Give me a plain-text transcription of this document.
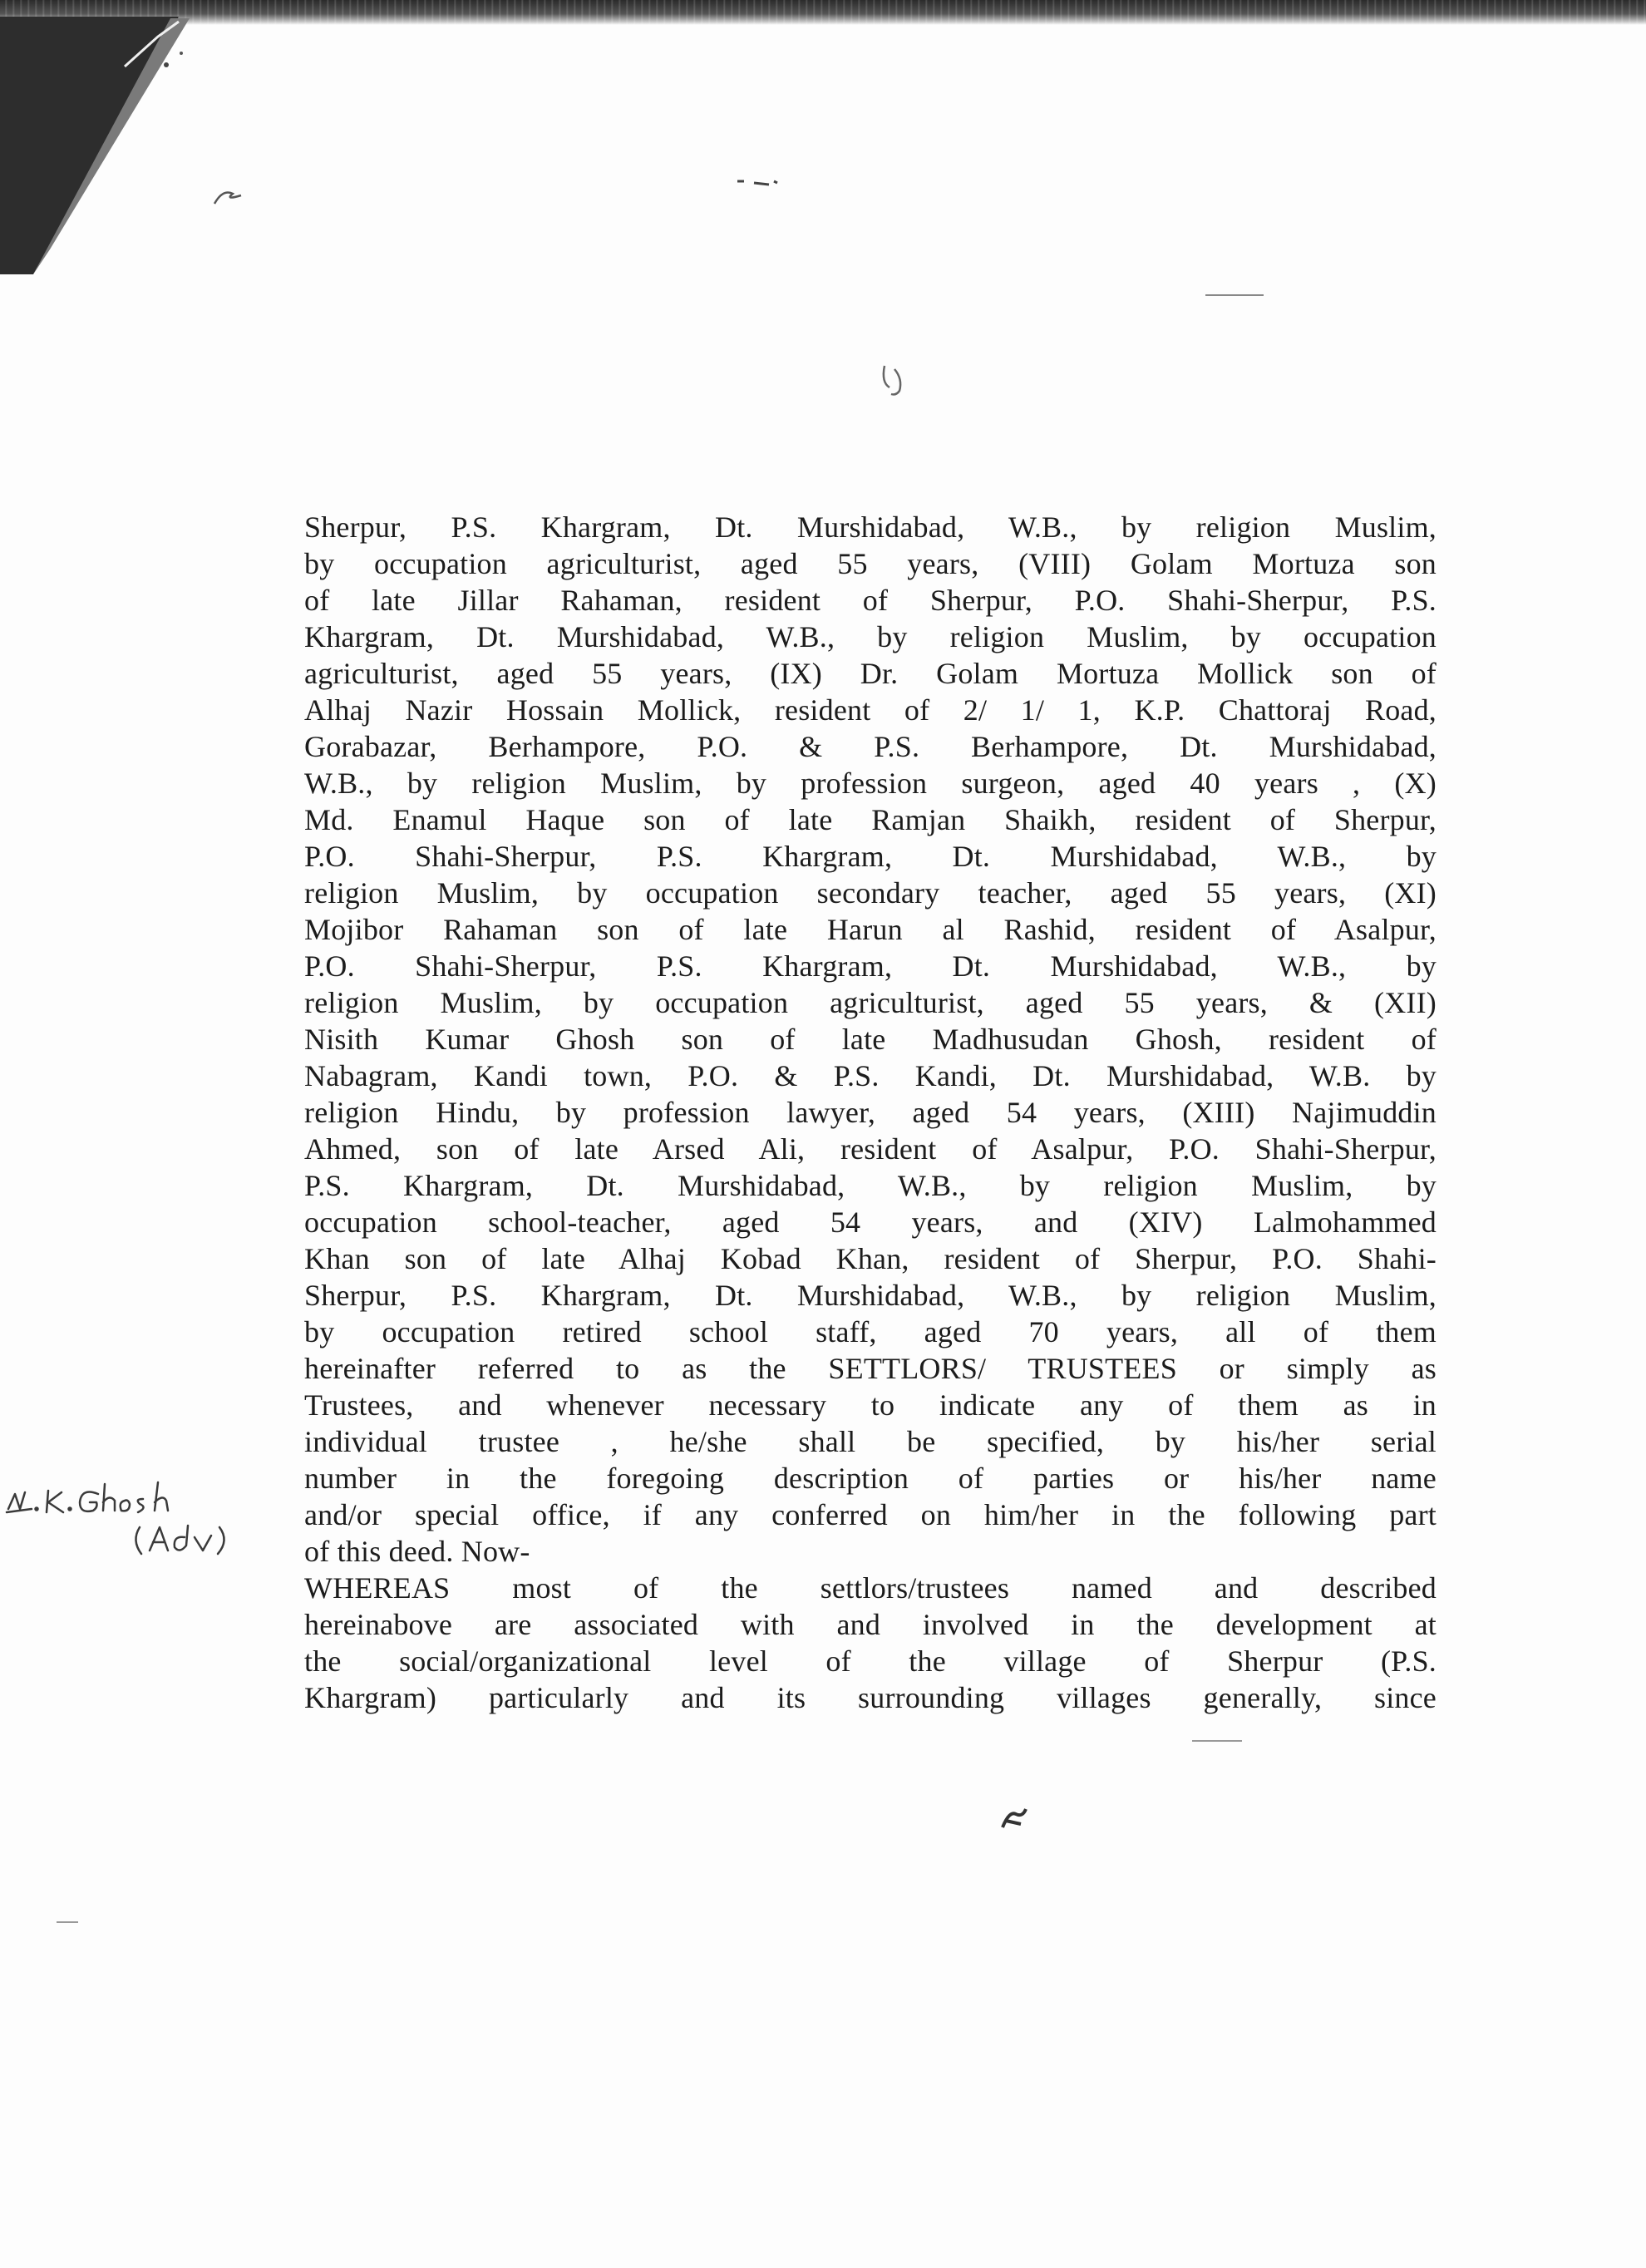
Sherpur, P.S. Khargram, Dt. Murshidabad, W.B., by religion Muslim,
by occupation agriculturist, aged 55 years, (VIII) Golam Mortuza son
of late Jillar Rahaman, resident of Sherpur, P.O. Shahi-Sherpur, P.S.
Khargram, Dt. Murshidabad, W.B., by religion Muslim, by occupation
agriculturist, aged 55 years, (IX) Dr. Golam Mortuza Mollick son of
Alhaj Nazir Hossain Mollick, resident of 2/ 1/ 1, K.P. Chattoraj Road,
Gorabazar, Berhampore, P.O. & P.S. Berhampore, Dt. Murshidabad,
W.B., by religion Muslim, by profession surgeon, aged 40 years , (X)
Md. Enamul Haque son of late Ramjan Shaikh, resident of Sherpur,
P.O. Shahi-Sherpur, P.S. Khargram, Dt. Murshidabad, W.B., by
religion Muslim, by occupation secondary teacher, aged 55 years, (XI)
Mojibor Rahaman son of late Harun al Rashid, resident of Asalpur,
P.O. Shahi-Sherpur, P.S. Khargram, Dt. Murshidabad, W.B., by
religion Muslim, by occupation agriculturist, aged 55 years, & (XII)
Nisith Kumar Ghosh son of late Madhusudan Ghosh, resident of
Nabagram, Kandi town, P.O. & P.S. Kandi, Dt. Murshidabad, W.B. by
religion Hindu, by profession lawyer, aged 54 years, (XIII) Najimuddin
Ahmed, son of late Arsed Ali, resident of Asalpur, P.O. Shahi-Sherpur,
P.S. Khargram, Dt. Murshidabad, W.B., by religion Muslim, by
occupation school-teacher, aged 54 years, and (XIV) Lalmohammed
Khan son of late Alhaj Kobad Khan, resident of Sherpur, P.O. Shahi-
Sherpur, P.S. Khargram, Dt. Murshidabad, W.B., by religion Muslim,
by occupation retired school staff, aged 70 years, all of them
hereinafter referred to as the SETTLORS/ TRUSTEES or simply as
Trustees, and whenever necessary to indicate any of them as in
individual trustee , he/she shall be specified, by his/her serial
number in the foregoing description of parties or his/her name
and/or special office, if any conferred on him/her in the following part
of this deed. Now-
WHEREAS most of the settlors/trustees named and described
hereinabove are associated with and involved in the development at
the social/organizational level of the village of Sherpur (P.S.
Khargram) particularly and its surrounding villages generally, since
